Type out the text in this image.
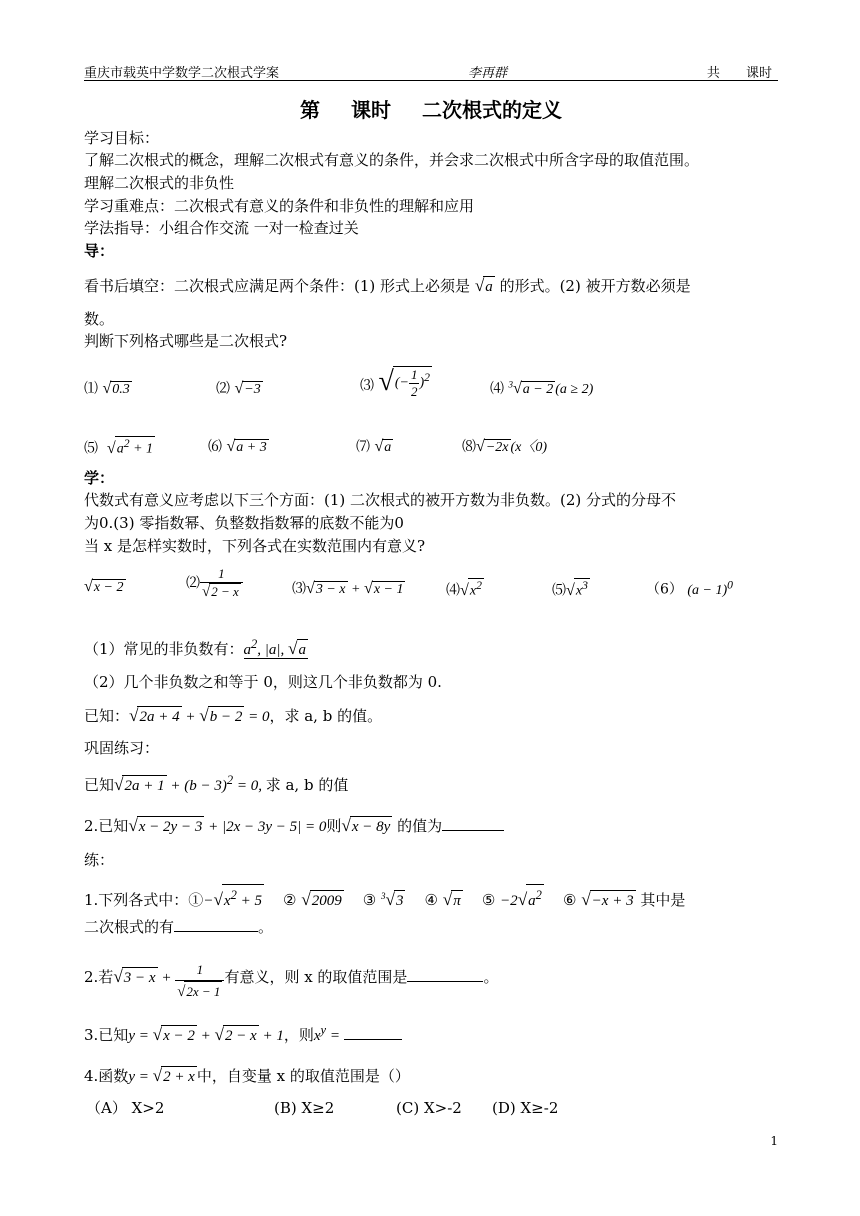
重庆市载英中学数学二次根式学案	李再群	共 课时
第 课时 二次根式的定义
学习目标：
了解二次根式的概念，理解二次根式有意义的条件，并会求二次根式中所含字母的取值范围。
理解二次根式的非负性
学习重难点：二次根式有意义的条件和非负性的理解和应用
学法指导：小组合作交流 一对一检查过关
导：
看书后填空：二次根式应满足两个条件：(1) 形式上必须是 √a 的形式。(2) 被开方数必须是
数。
判断下列格式哪些是二次根式?
⑴ √0.3	⑵ √−3	⑶ √(− $\frac{1}{2} )^2$
⑷ $^3$√a − 2 (a ≥ 2)
⑸ $√a^2 + 1$	⑹ √a + 3	⑺ √a	⑻√−2x (x〈0)
学：
代数式有意义应考虑以下三个方面：(1) 二次根式的被开方数为非负数。(2) 分式的分母不
为0.(3) 零指数幂、负整数指数幂的底数不能为0
当 x 是怎样实数时，下列各式在实数范围内有意义?
√x − 2	⑵ $\frac{1}{√2 - x}$	⑶√3 − x + √x − 1	$⑷√x^2$	$⑸√x^3$	（6） $(a - 1)^0$
（1）常见的非负数有：$a^2$, |a|, √a
（2）几个非负数之和等于 0，则这几个非负数都为 0.
已知：√2a + 4 + √b − 2 = 0，求 a, b 的值。
巩固练习：
已知$√2a + 1 + (b - 3)^2 = 0$, 求 a, b 的值
2.已知√x − 2y − 3 + |2x − 3y − 5| = 0则√x − 8y 的值为
练：
1.下列各式中：$①-√x^2 + 5$    ② √2009    ③ $^3$√3    ④ √π    ⑤ $-2√a^2$    ⑥ √−x + 3 其中是
二次根式的有	。
2.若$√3 - x + \frac{1}{√2x - 1}$ 有意义，则 x 的取值范围是	。
3.已知y = √x − 2 + √2 − x + 1，则$x^y$ =
4.函数y = √2 + x 中，自变量 x 的取值范围是（）
（A） X>2	(B) X≥2	(C) X>-2 (D) X≥-2
1
